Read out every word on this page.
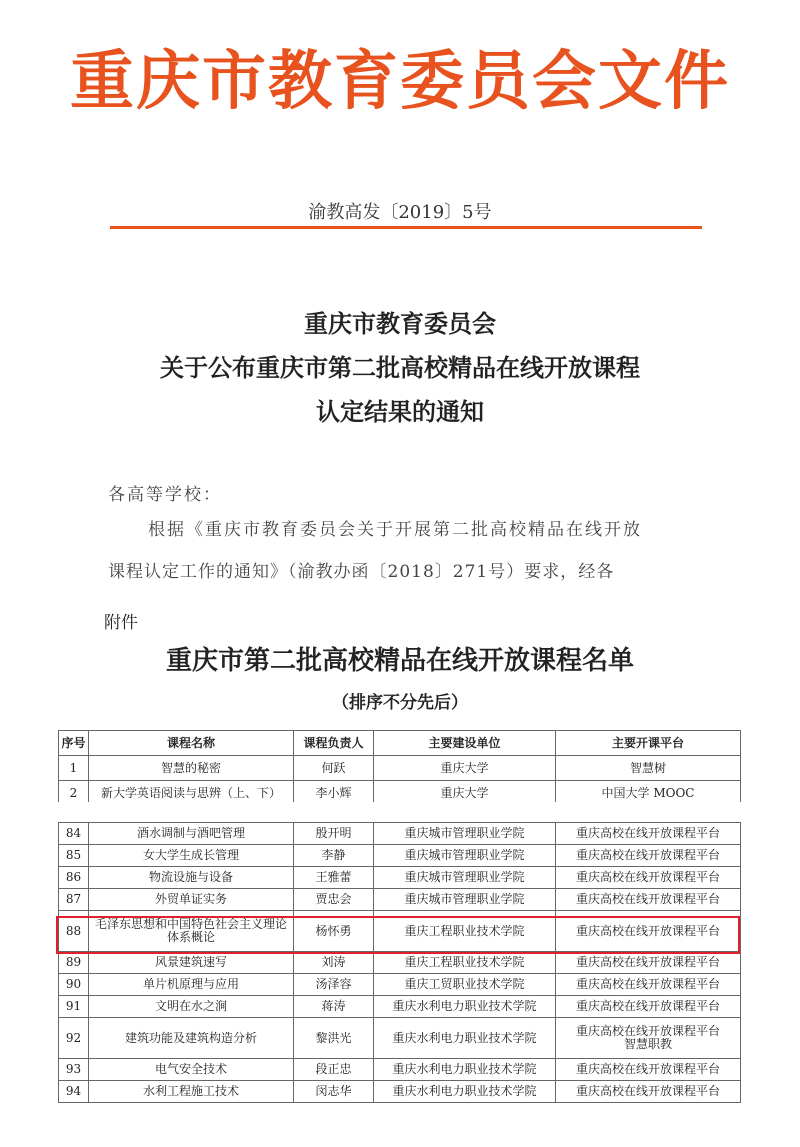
重庆市教育委员会文件
渝教高发〔2019〕5号
重庆市教育委员会
关于公布重庆市第二批高校精品在线开放课程
认定结果的通知
各高等学校：
根据《重庆市教育委员会关于开展第二批高校精品在线开放
课程认定工作的通知》（渝教办函〔2018〕271号）要求，经各
附件
重庆市第二批高校精品在线开放课程名单
（排序不分先后）
序号	课程名称	课程负责人	主要建设单位	主要开课平台
1	智慧的秘密	何跃	重庆大学	智慧树
2	新大学英语阅读与思辨（上、下）	李小辉	重庆大学	中国大学 MOOC
84	酒水调制与酒吧管理	殷开明	重庆城市管理职业学院	重庆高校在线开放课程平台
85	女大学生成长管理	李静	重庆城市管理职业学院	重庆高校在线开放课程平台
86	物流设施与设备	王雅蕾	重庆城市管理职业学院	重庆高校在线开放课程平台
87	外贸单证实务	贾忠会	重庆城市管理职业学院	重庆高校在线开放课程平台
88	毛泽东思想和中国特色社会主义理论体系概论	杨怀勇	重庆工程职业技术学院	重庆高校在线开放课程平台
89	风景建筑速写	刘涛	重庆工程职业技术学院	重庆高校在线开放课程平台
90	单片机原理与应用	汤泽容	重庆工贸职业技术学院	重庆高校在线开放课程平台
91	文明在水之涧	蒋涛	重庆水利电力职业技术学院	重庆高校在线开放课程平台
92	建筑功能及建筑构造分析	黎洪光	重庆水利电力职业技术学院	重庆高校在线开放课程平台
智慧职教
93	电气安全技术	段正忠	重庆水利电力职业技术学院	重庆高校在线开放课程平台
94	水利工程施工技术	闵志华	重庆水利电力职业技术学院	重庆高校在线开放课程平台
